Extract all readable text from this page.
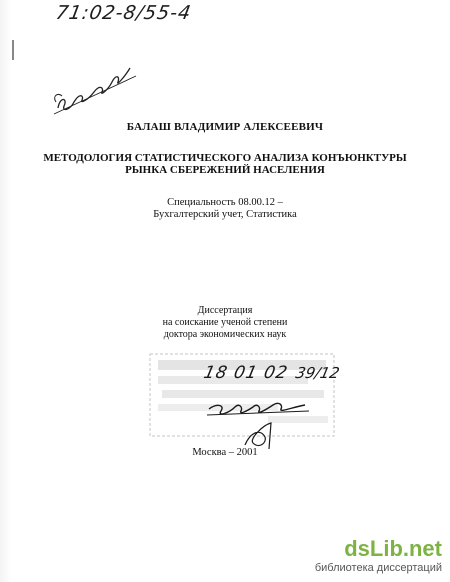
71:02-8/55-4
БАЛАШ ВЛАДИМИР АЛЕКСЕЕВИЧ
МЕТОДОЛОГИЯ СТАТИСТИЧЕСКОГО АНАЛИЗА КОНЪЮНКТУРЫ
РЫНКА СБЕРЕЖЕНИЙ НАСЕЛЕНИЯ
Специальность 08.00.12 –
Бухгалтерский учет, Статистика
Диссертация
на соискание ученой степени
доктора экономических наук
18 01 02 39/12
Москва – 2001
dsLib.net
библиотека диссертаций
